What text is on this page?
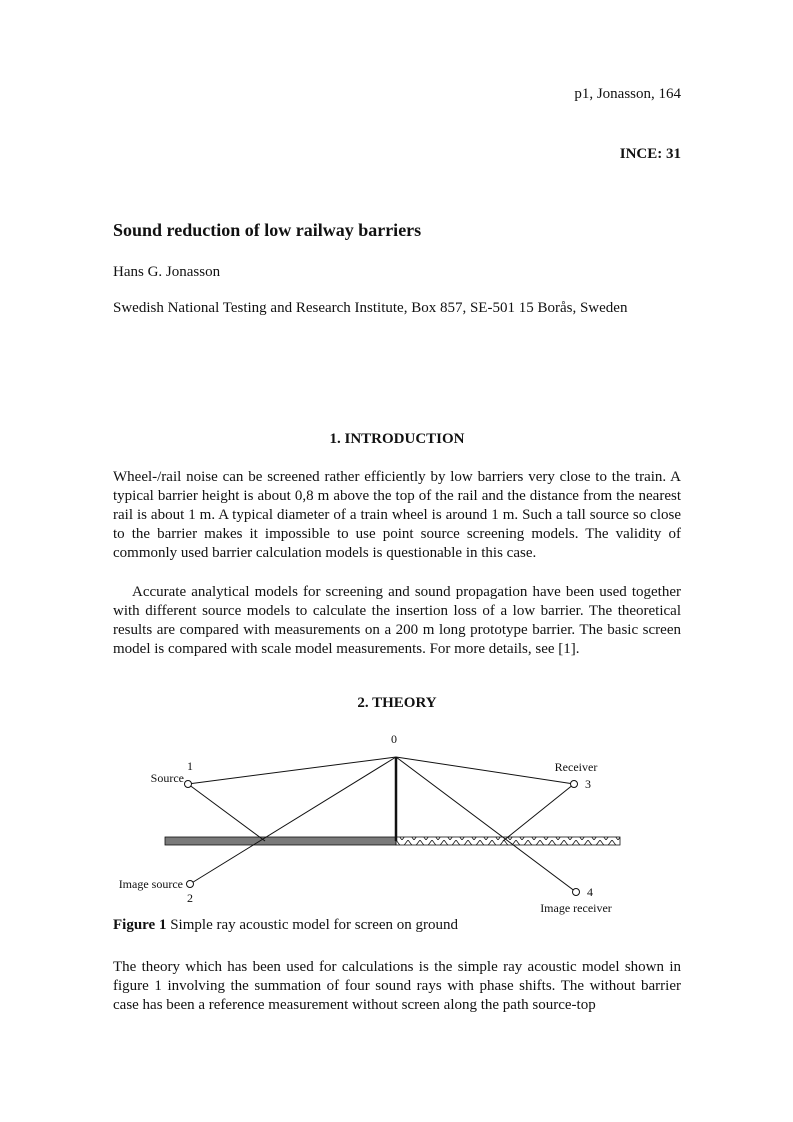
p1, Jonasson, 164
INCE: 31
Sound reduction of low railway barriers
Hans G. Jonasson
Swedish National Testing and Research Institute, Box 857, SE-501 15 Borås, Sweden
1. INTRODUCTION

Wheel-/rail noise can be screened rather efficiently by low barriers very close to the train. A typical barrier height is about 0,8 m above the top of the rail and the distance from the nearest rail is about 1 m. A typical diameter of a train wheel is around 1 m. Such a tall source so close to the barrier makes it impossible to use point source screening models. The validity of commonly used barrier calculation models is questionable in this case.

Accurate analytical models for screening and sound propagation have been used together with different source models to calculate the insertion loss of a low barrier. The theoretical results are compared with measurements on a 200 m long prototype barrier. The basic screen model is compared with scale model measurements. For more details, see [1].

2. THEORY
0
1
Source
Receiver
3
Image source
2	4
Image receiver
Figure 1 Simple ray acoustic model for screen on ground

The theory which has been used for calculations is the simple ray acoustic model shown in figure 1 involving the summation of four sound rays with phase shifts. The without barrier case has been a reference measurement without screen along the path source-top
